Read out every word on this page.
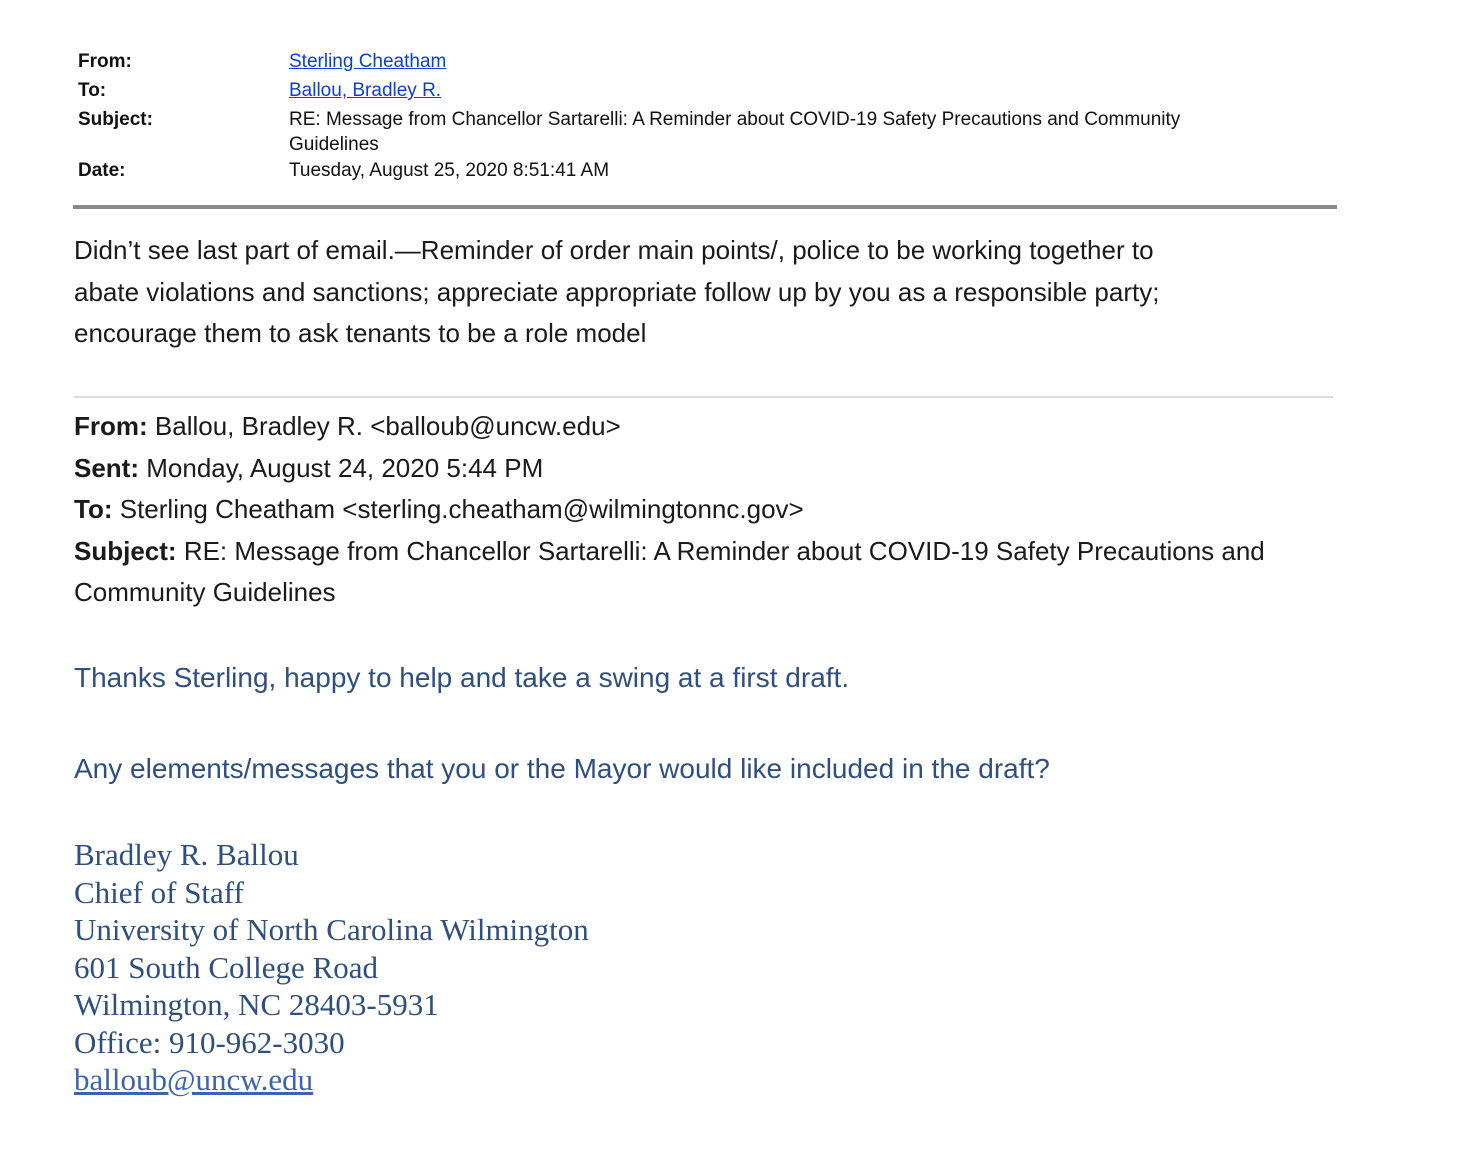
From:	Sterling Cheatham
To:	Ballou, Bradley R.
Subject:	RE: Message from Chancellor Sartarelli: A Reminder about COVID-19 Safety Precautions and Community
Guidelines
Date:	Tuesday, August 25, 2020 8:51:41 AM
Didn’t see last part of email.—Reminder of order main points/, police to be working together to
abate violations and sanctions; appreciate appropriate follow up by you as a responsible party;
encourage them to ask tenants to be a role model
From: Ballou, Bradley R. <balloub@uncw.edu>
Sent: Monday, August 24, 2020 5:44 PM
To: Sterling Cheatham <sterling.cheatham@wilmingtonnc.gov>
Subject: RE: Message from Chancellor Sartarelli: A Reminder about COVID-19 Safety Precautions and
Community Guidelines

Thanks Sterling, happy to help and take a swing at a first draft.

Any elements/messages that you or the Mayor would like included in the draft?

Bradley R. Ballou
Chief of Staff
University of North Carolina Wilmington
601 South College Road
Wilmington, NC 28403-5931
Office: 910-962-3030
balloub@uncw.edu
